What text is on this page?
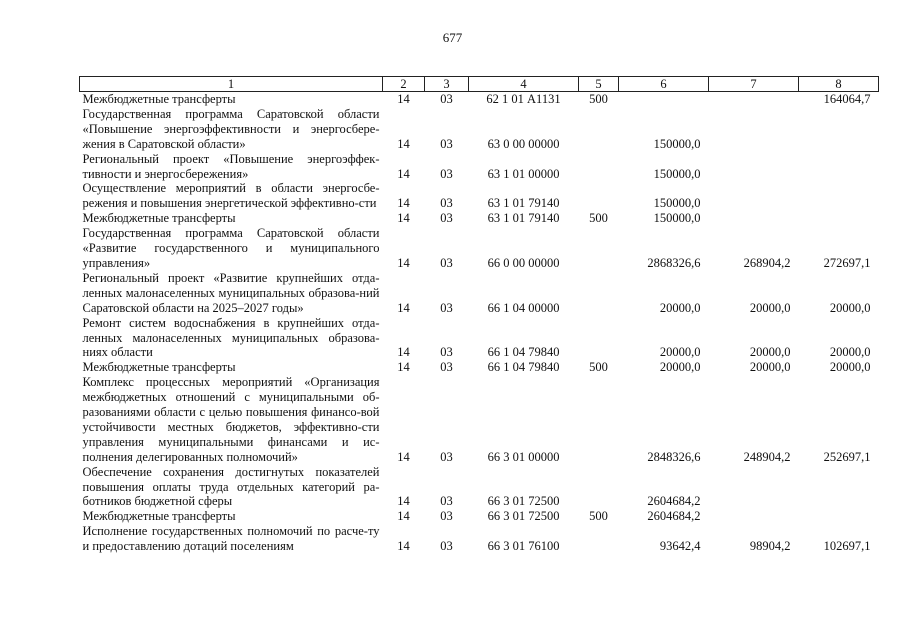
677
1	2	3	4	5	6	7	8
Межбюджетные трансферты	14	03	62 1 01 А1131	500			164064,7
Государственная программа Саратовской области «Повышение энергоэффективности и энергосбере-жения в Саратовской области»	14	03	63 0 00 00000		150000,0		
Региональный проект «Повышение энергоэффек-тивности и энергосбережения»	14	03	63 1 01 00000		150000,0		
Осуществление мероприятий в области энергосбе-режения и повышения энергетической эффективно-сти	14	03	63 1 01 79140		150000,0		
Межбюджетные трансферты	14	03	63 1 01 79140	500	150000,0		
Государственная программа Саратовской области «Развитие государственного и муниципального управления»	14	03	66 0 00 00000		2868326,6	268904,2	272697,1
Региональный проект «Развитие крупнейших отда-ленных малонаселенных муниципальных образова-ний Саратовской области на 2025–2027 годы»	14	03	66 1 04 00000		20000,0	20000,0	20000,0
Ремонт систем водоснабжения в крупнейших отда-ленных малонаселенных муниципальных образова-ниях области	14	03	66 1 04 79840		20000,0	20000,0	20000,0
Межбюджетные трансферты	14	03	66 1 04 79840	500	20000,0	20000,0	20000,0
Комплекс процессных мероприятий «Организация межбюджетных отношений с муниципальными об-разованиями области с целью повышения финансо-вой устойчивости местных бюджетов, эффективно-сти управления муниципальными финансами и ис-полнения делегированных полномочий»	14	03	66 3 01 00000		2848326,6	248904,2	252697,1
Обеспечение сохранения достигнутых показателей повышения оплаты труда отдельных категорий ра-ботников бюджетной сферы	14	03	66 3 01 72500		2604684,2		
Межбюджетные трансферты	14	03	66 3 01 72500	500	2604684,2		
Исполнение государственных полномочий по расче-ту и предоставлению дотаций поселениям	14	03	66 3 01 76100		93642,4	98904,2	102697,1
